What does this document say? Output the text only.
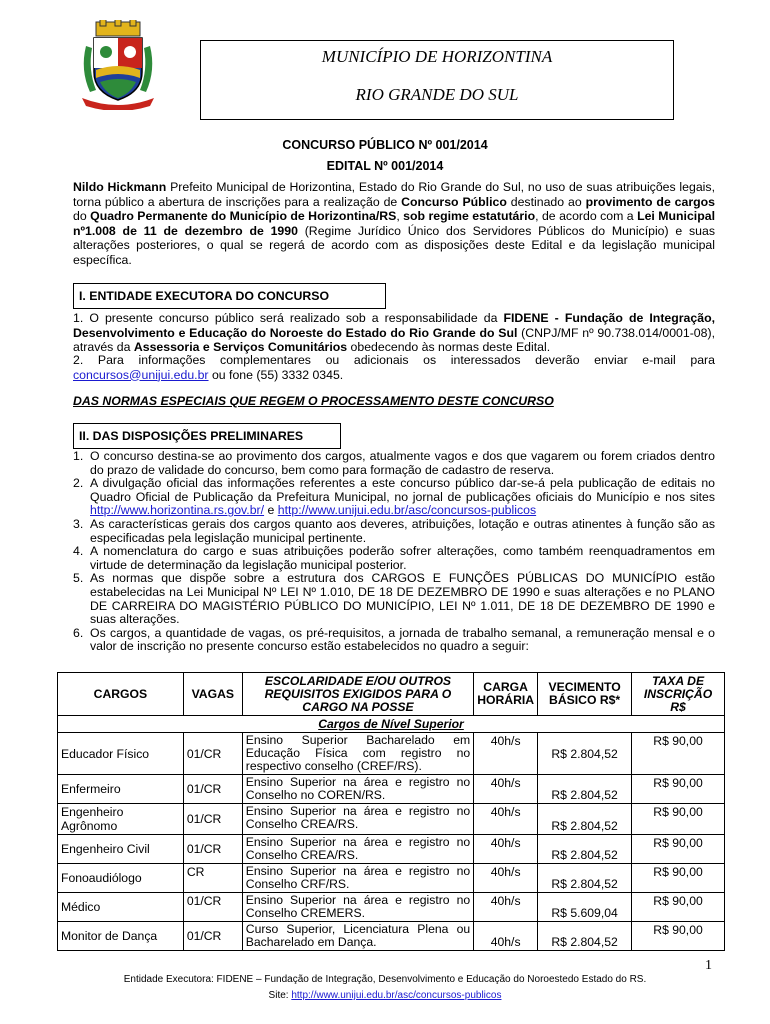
MUNICÍPIO DE HORIZONTINA
RIO GRANDE DO SUL
CONCURSO PÚBLICO Nº 001/2014
EDITAL Nº 001/2014
Nildo Hickmann Prefeito Municipal de Horizontina, Estado do Rio Grande do Sul, no uso de suas atribuições legais, torna público a abertura de inscrições para a realização de Concurso Público destinado ao provimento de cargos do Quadro Permanente do Município de Horizontina/RS, sob regime estatutário, de acordo com a Lei Municipal nº1.008 de 11 de dezembro de 1990 (Regime Jurídico Único dos Servidores Públicos do Município) e suas alterações posteriores, o qual se regerá de acordo com as disposições deste Edital e da legislação municipal específica.
I. ENTIDADE EXECUTORA DO CONCURSO
1. O presente concurso público será realizado sob a responsabilidade da FIDENE - Fundação de Integração, Desenvolvimento e Educação do Noroeste do Estado do Rio Grande do Sul (CNPJ/MF nº 90.738.014/0001-08), através da Assessoria e Serviços Comunitários obedecendo às normas deste Edital.
2. Para informações complementares ou adicionais os interessados deverão enviar e-mail para concursos@unijui.edu.br ou fone (55) 3332 0345.
DAS NORMAS ESPECIAIS QUE REGEM O PROCESSAMENTO DESTE CONCURSO
II. DAS DISPOSIÇÕES PRELIMINARES
1. O concurso destina-se ao provimento dos cargos, atualmente vagos e dos que vagarem ou forem criados dentro do prazo de validade do concurso, bem como para formação de cadastro de reserva.
2. A divulgação oficial das informações referentes a este concurso público dar-se-á pela publicação de editais no Quadro Oficial de Publicação da Prefeitura Municipal, no jornal de publicações oficiais do Município e nos sites http://www.horizontina.rs.gov.br/ e http://www.unijui.edu.br/asc/concursos-publicos
3. As características gerais dos cargos quanto aos deveres, atribuições, lotação e outras atinentes à função são as especificadas pela legislação municipal pertinente.
4. A nomenclatura do cargo e suas atribuições poderão sofrer alterações, como também reenquadramentos em virtude de determinação da legislação municipal posterior.
5. As normas que dispõe sobre a estrutura dos CARGOS E FUNÇÕES PÚBLICAS DO MUNICÍPIO estão estabelecidas na Lei Municipal Nº LEI Nº 1.010, DE 18 DE DEZEMBRO DE 1990 e suas alterações e no PLANO DE CARREIRA DO MAGISTÉRIO PÚBLICO DO MUNICÍPIO, LEI Nº 1.011, DE 18 DE DEZEMBRO DE 1990 e suas alterações.
6. Os cargos, a quantidade de vagas, os pré-requisitos, a jornada de trabalho semanal, a remuneração mensal e o valor de inscrição no presente concurso estão estabelecidos no quadro a seguir:
CARGOS	VAGAS	ESCOLARIDADE E/OU OUTROS REQUISITOS EXIGIDOS PARA O CARGO NA POSSE	CARGA HORÁRIA	VECIMENTO BÁSICO R$*	TAXA DE INSCRIÇÃO R$
Cargos de Nível Superior					
Educador Físico	01/CR	Ensino Superior Bacharelado em Educação Física com registro no respectivo conselho (CREF/RS).	40h/s	R$ 2.804,52	R$ 90,00
Enfermeiro	01/CR	Ensino Superior na área e registro no Conselho no COREN/RS.	40h/s	R$ 2.804,52	R$ 90,00
Engenheiro Agrônomo	01/CR	Ensino Superior na área e registro no Conselho CREA/RS.	40h/s	R$ 2.804,52	R$ 90,00
Engenheiro Civil	01/CR	Ensino Superior na área e registro no Conselho CREA/RS.	40h/s	R$ 2.804,52	R$ 90,00
Fonoaudiólogo	CR	Ensino Superior na área e registro no Conselho CRF/RS.	40h/s	R$ 2.804,52	R$ 90,00
Médico	01/CR	Ensino Superior na área e registro no Conselho CREMERS.	40h/s	R$ 5.609,04	R$ 90,00
Monitor de Dança	01/CR	Curso Superior, Licenciatura Plena ou Bacharelado em Dança.	40h/s	R$ 2.804,52	R$ 90,00
1
Entidade Executora: FIDENE – Fundação de Integração, Desenvolvimento e Educação do Noroestedo Estado do RS.
Site: http://www.unijui.edu.br/asc/concursos-publicos
